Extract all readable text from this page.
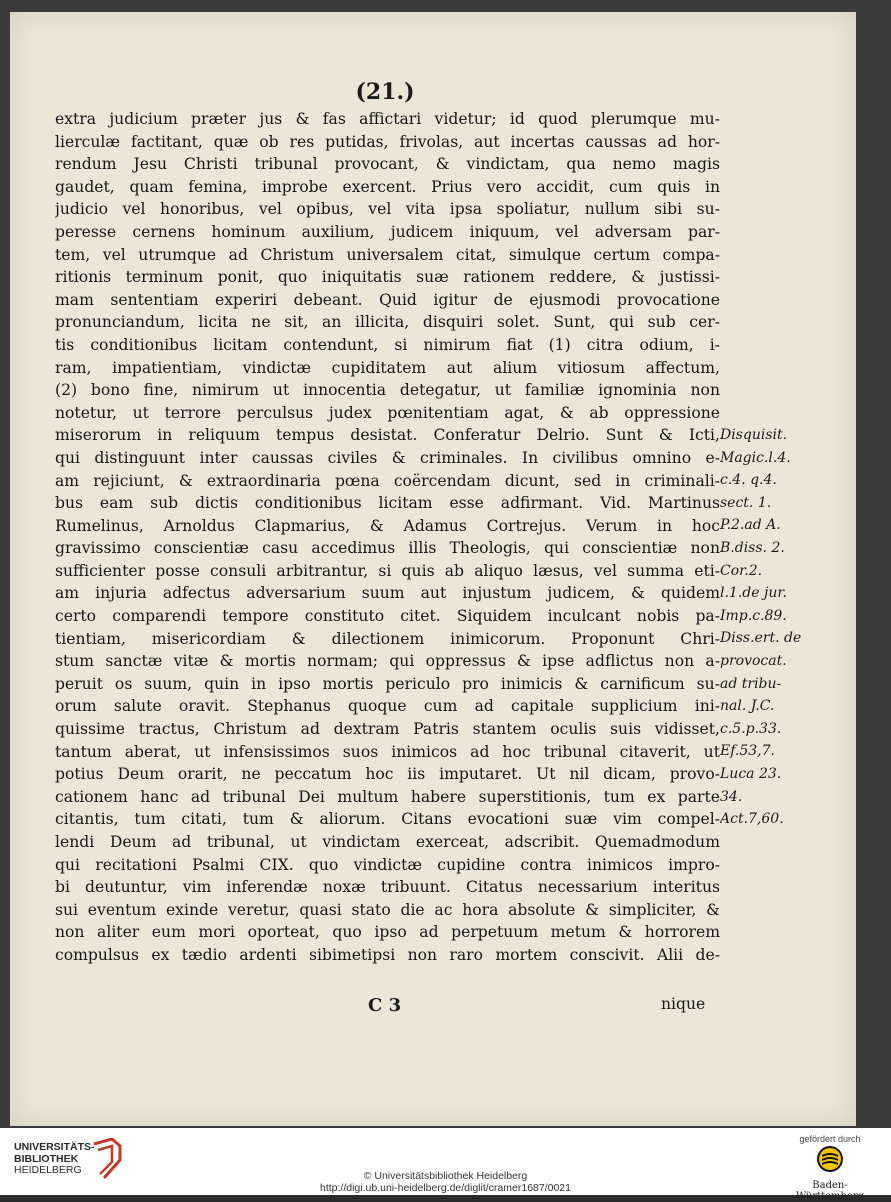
(21.)
extra judicium præter jus & fas affictari videtur; id quod plerumque mu-
lierculæ factitant, quæ ob res putidas, frivolas, aut incertas caussas ad hor-
rendum Jesu Christi tribunal provocant, & vindictam, qua nemo magis
gaudet, quam femina, improbe exercent. Prius vero accidit, cum quis in
judicio vel honoribus, vel opibus, vel vita ipsa spoliatur, nullum sibi su-
peresse cernens hominum auxilium, judicem iniquum, vel adversam par-
tem, vel utrumque ad Christum universalem citat, simulque certum compa-
ritionis terminum ponit, quo iniquitatis suæ rationem reddere, & justissi-
mam sententiam experiri debeant. Quid igitur de ejusmodi provocatione
pronunciandum, licita ne sit, an illicita, disquiri solet. Sunt, qui sub cer-
tis conditionibus licitam contendunt, si nimirum fiat (1) citra odium, i-
ram, impatientiam, vindictæ cupiditatem aut alium vitiosum affectum,
(2) bono fine, nimirum ut innocentia detegatur, ut familiæ ignominia non
notetur, ut terrore perculsus judex pœnitentiam agat, & ab oppressione
miserorum in reliquum tempus desistat. Conferatur Delrio. Sunt & Icti,
qui distinguunt inter caussas civiles & criminales. In civilibus omnino e-
am rejiciunt, & extraordinaria pœna coërcendam dicunt, sed in criminali-
bus eam sub dictis conditionibus licitam esse adfirmant. Vid. Martinus
Rumelinus, Arnoldus Clapmarius, & Adamus Cortrejus. Verum in hoc
gravissimo conscientiæ casu accedimus illis Theologis, qui conscientiæ non
sufficienter posse consuli arbitrantur, si quis ab aliquo læsus, vel summa eti-
am injuria adfectus adversarium suum aut injustum judicem, & quidem
certo comparendi tempore constituto citet. Siquidem inculcant nobis pa-
tientiam, misericordiam & dilectionem inimicorum. Proponunt Chri-
stum sanctæ vitæ & mortis normam; qui oppressus & ipse adflictus non a-
peruit os suum, quin in ipso mortis periculo pro inimicis & carnificum su-
orum salute oravit. Stephanus quoque cum ad capitale supplicium ini-
quissime tractus, Christum ad dextram Patris stantem oculis suis vidisset,
tantum aberat, ut infensissimos suos inimicos ad hoc tribunal citaverit, ut
potius Deum orarit, ne peccatum hoc iis imputaret. Ut nil dicam, provo-
cationem hanc ad tribunal Dei multum habere superstitionis, tum ex parte
citantis, tum citati, tum & aliorum. Citans evocationi suæ vim compel-
lendi Deum ad tribunal, ut vindictam exerceat, adscribit. Quemadmodum
qui recitationi Psalmi CIX. quo vindictæ cupidine contra inimicos impro-
bi deutuntur, vim inferendæ noxæ tribuunt. Citatus necessarium interitus
sui eventum exinde veretur, quasi stato die ac hora absolute & simpliciter, &
non aliter eum mori oporteat, quo ipso ad perpetuum metum & horrorem
compulsus ex tædio ardenti sibimetipsi non raro mortem conscivit. Alii de-
Disquisit.
Magic.l.4.
c.4. q.4.
sect. 1.
P.2.ad A.
B.diss. 2.
Cor.2.
l.1.de jur.
Imp.c.89.
Diss.ert. de
provocat.
ad tribu-
nal. J.C.
c.5.p.33.
Ef.53,7.
Luca 23.
34.
Act.7,60.
C 3	nique
UNIVERSITÄTS-
BIBLIOTHEK
HEIDELBERG	© Universitätsbibliothek Heidelberg
http://digi.ub.uni-heidelberg.de/diglit/cramer1687/0021
gefördert durch
Baden-Württemberg
